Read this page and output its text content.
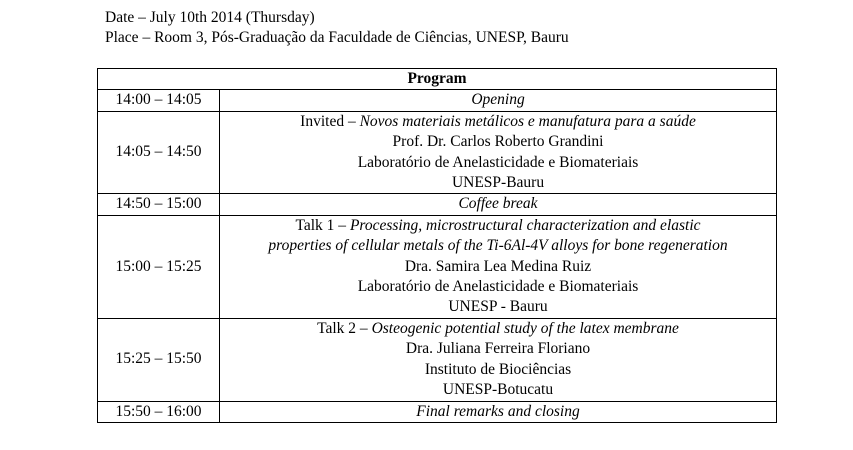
Date – July 10th 2014 (Thursday)
Place – Room 3, Pós-Graduação da Faculdade de Ciências, UNESP, Bauru
Program	
14:00 – 14:05	Opening
14:05 – 14:50	Invited – Novos materiais metálicos e manufatura para a saúde
Prof. Dr. Carlos Roberto Grandini
Laboratório de Anelasticidade e Biomateriais
UNESP-Bauru

14:50 – 15:00	Coffee break
15:00 – 15:25	Talk 1 – Processing, microstructural characterization and elastic
properties of cellular metals of the Ti-6Al-4V alloys for bone regeneration
Dra. Samira Lea Medina Ruiz
Laboratório de Anelasticidade e Biomateriais
UNESP - Bauru

15:25 – 15:50	Talk 2 – Osteogenic potential study of the latex membrane
Dra. Juliana Ferreira Floriano
Instituto de Biociências
UNESP-Botucatu

15:50 – 16:00	Final remarks and closing
